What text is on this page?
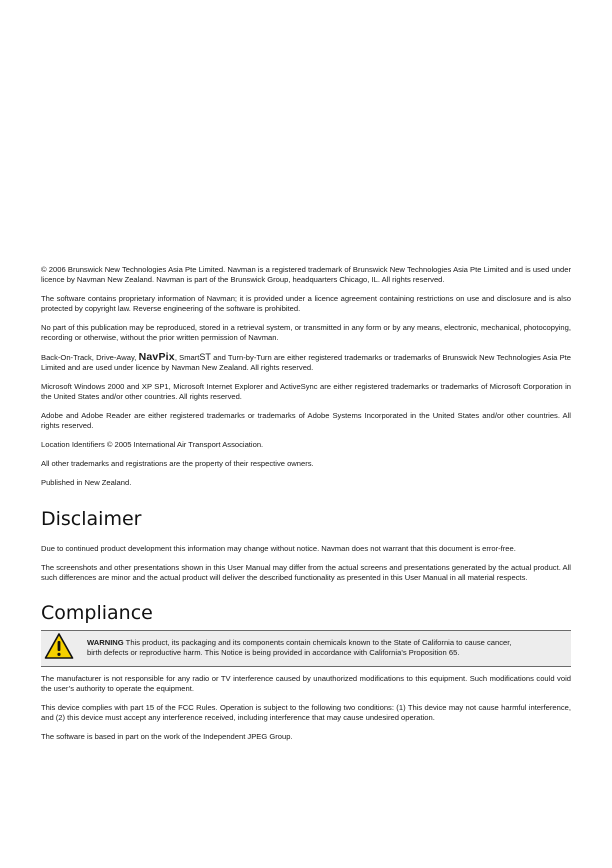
© 2006 Brunswick New Technologies Asia Pte Limited. Navman is a registered trademark of Brunswick New Technologies Asia Pte Limited and is used under licence by Navman New Zealand. Navman is part of the Brunswick Group, headquarters Chicago, IL. All rights reserved.

The software contains proprietary information of Navman; it is provided under a licence agreement containing restrictions on use and disclosure and is also protected by copyright law. Reverse engineering of the software is prohibited.

No part of this publication may be reproduced, stored in a retrieval system, or transmitted in any form or by any means, electronic, mechanical, photocopying, recording or otherwise, without the prior written permission of Navman.

Back-On-Track, Drive-Away, NavPix, SmartST and Turn-by-Turn are either registered trademarks or trademarks of Brunswick New Technologies Asia Pte Limited and are used under licence by Navman New Zealand. All rights reserved.

Microsoft Windows 2000 and XP SP1, Microsoft Internet Explorer and ActiveSync are either registered trademarks or trademarks of Microsoft Corporation in the United States and/or other countries. All rights reserved.

Adobe and Adobe Reader are either registered trademarks or trademarks of Adobe Systems Incorporated in the United States and/or other countries. All rights reserved.

Location Identifiers © 2005 International Air Transport Association.

All other trademarks and registrations are the property of their respective owners.

Published in New Zealand.

Disclaimer

Due to continued product development this information may change without notice. Navman does not warrant that this document is error-free.

The screenshots and other presentations shown in this User Manual may differ from the actual screens and presentations generated by the actual product. All such differences are minor and the actual product will deliver the described functionality as presented in this User Manual in all material respects.

Compliance
WARNING This product, its packaging and its components contain chemicals known to the State of California to cause cancer, birth defects or reproductive harm. This Notice is being provided in accordance with California’s Proposition 65.

The manufacturer is not responsible for any radio or TV interference caused by unauthorized modifications to this equipment. Such modifications could void the user’s authority to operate the equipment.

This device complies with part 15 of the FCC Rules. Operation is subject to the following two conditions: (1) This device may not cause harmful interference, and (2) this device must accept any interference received, including interference that may cause undesired operation.

The software is based in part on the work of the Independent JPEG Group.
